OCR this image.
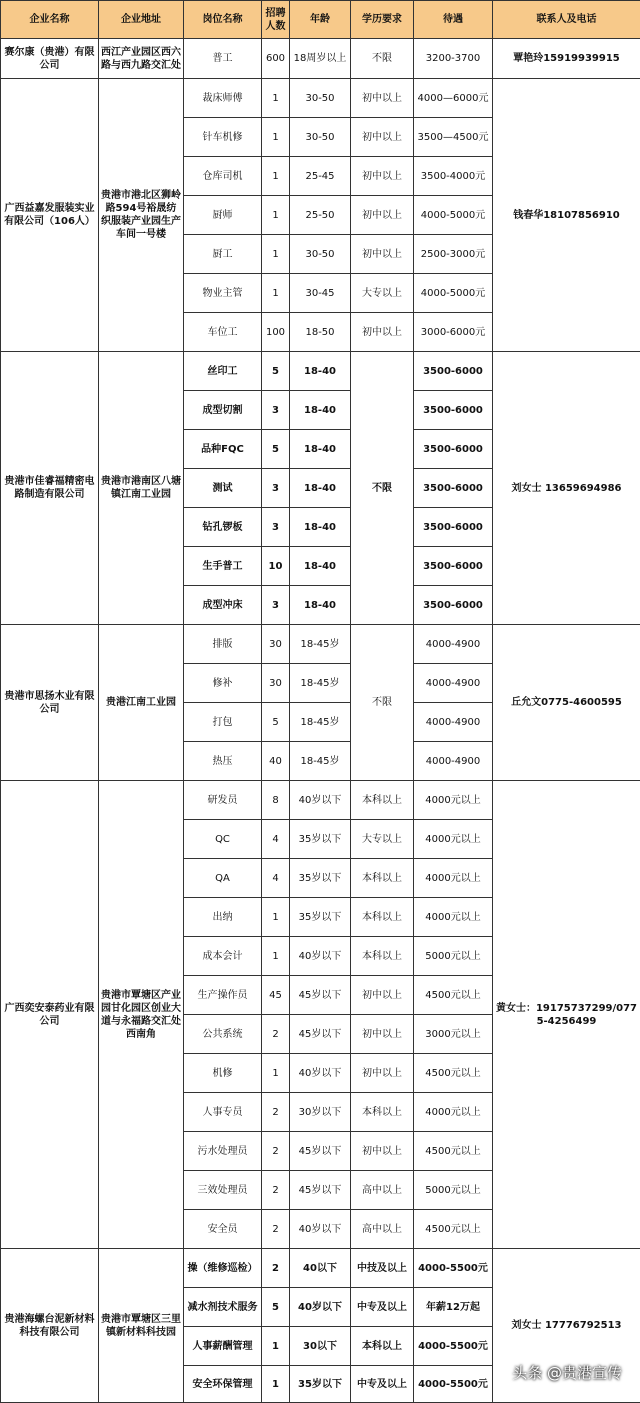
企业名称	企业地址	岗位名称	招聘人数	年龄	学历要求	待遇	联系人及电话
赛尔康（贵港）有限公司	西江产业园区西六路与西九路交汇处	普工	600	18周岁以上	不限	3200-3700	覃艳玲15919939915
广西益嘉发服装实业有限公司（106人）	贵港市港北区狮岭路594号裕晟纺织服装产业园生产车间一号楼	裁床师傅	1	30-50	初中以上	4000—6000元	钱春华18107856910
		针车机修	1	30-50	初中以上	3500—4500元	
		仓库司机	1	25-45	初中以上	3500-4000元	
		厨师	1	25-50	初中以上	4000-5000元	
		厨工	1	30-50	初中以上	2500-3000元	
		物业主管	1	30-45	大专以上	4000-5000元	
		车位工	100	18-50	初中以上	3000-6000元	
贵港市佳睿福精密电路制造有限公司	贵港市港南区八塘镇江南工业园	丝印工	5	18-40	不限	3500-6000	刘女士 13659694986
		成型切割	3	18-40		3500-6000	
		品种FQC	5	18-40		3500-6000	
		测试	3	18-40		3500-6000	
		钻孔锣板	3	18-40		3500-6000	
		生手普工	10	18-40		3500-6000	
		成型冲床	3	18-40		3500-6000	
贵港市思扬木业有限公司	贵港江南工业园	排版	30	18-45岁	不限	4000-4900	丘允文0775-4600595
		修补	30	18-45岁		4000-4900	
		打包	5	18-45岁		4000-4900	
		热压	40	18-45岁		4000-4900	
广西奕安泰药业有限公司	贵港市覃塘区产业园甘化园区创业大道与永福路交汇处西南角	研发员	8	40岁以下	本科以上	4000元以上	黄女士：19175737299/0775-4256499
		QC	4	35岁以下	大专以上	4000元以上	
		QA	4	35岁以下	本科以上	4000元以上	
		出纳	1	35岁以下	本科以上	4000元以上	
		成本会计	1	40岁以下	本科以上	5000元以上	
		生产操作员	45	45岁以下	初中以上	4500元以上	
		公共系统	2	45岁以下	初中以上	3000元以上	
		机修	1	40岁以下	初中以上	4500元以上	
		人事专员	2	30岁以下	本科以上	4000元以上	
		污水处理员	2	45岁以下	初中以上	4500元以上	
		三效处理员	2	45岁以下	高中以上	5000元以上	
		安全员	2	40岁以下	高中以上	4500元以上	
贵港海螺台泥新材料科技有限公司	贵港市覃塘区三里镇新材料科技园	操（维修巡检）	2	40以下	中技及以上	4000-5500元	刘女士 17776792513
		减水剂技术服务	5	40岁以下	中专及以上	年薪12万起	
		人事薪酬管理	1	30以下	本科以上	4000-5500元	
		安全环保管理	1	35岁以下	中专及以上	4000-5500元	
头条 @贵港宣传
